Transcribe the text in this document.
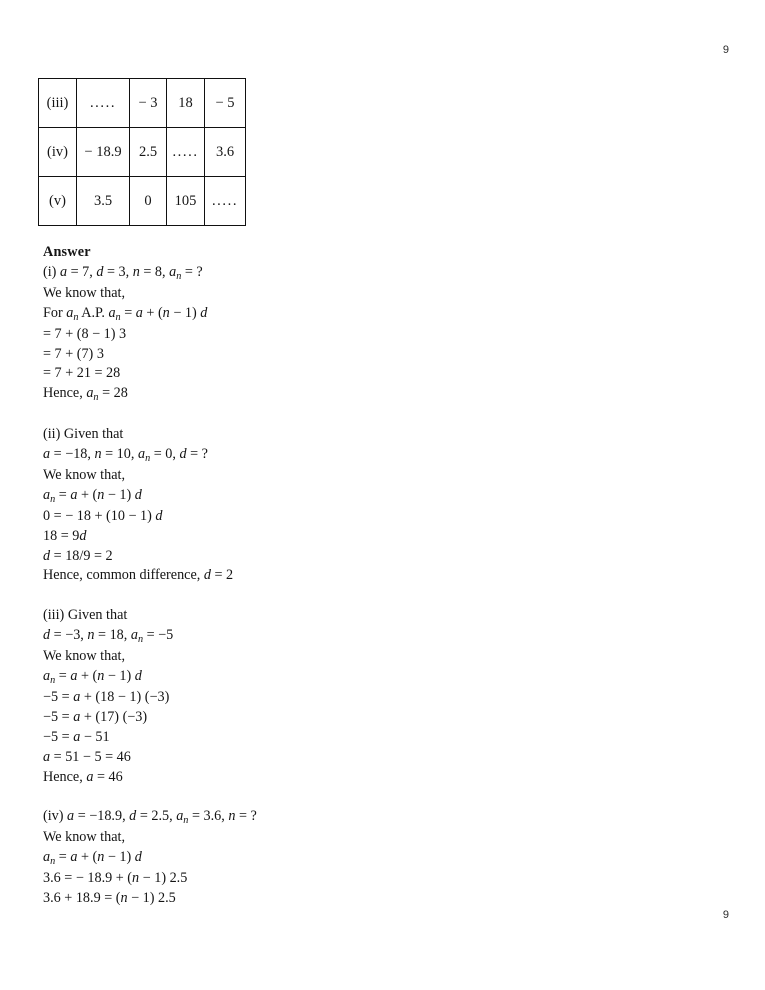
9
(iii)	.....	− 3	18	− 5
(iv)	− 18.9	2.5	.....	3.6
(v)	3.5	0	105	.....
Answer
(i) a = 7, d = 3, n = 8, $a_n$ = ?
We know that,
For $a_n$ A.P. $a_n = a + (n - 1)$ d
= 7 + (8 − 1) 3
= 7 + (7) 3
= 7 + 21 = 28
Hence, $a_n = 28$
(ii) Given that
a = −18, n = 10, $a_n = 0$, d = ?
We know that,
$a_n = a + (n - 1)$ d
0 = − 18 + (10 − 1) d
18 = 9d
d = 18/9 = 2
Hence, common difference, d = 2
(iii) Given that
d = −3, n = 18, $a_n = -5$
We know that,
$a_n = a + (n - 1)$ d
−5 = a + (18 − 1) (−3)
−5 = a + (17) (−3)
−5 = a − 51
a = 51 − 5 = 46
Hence, a = 46
(iv) a = −18.9, d = 2.5, $a_n = 3.6$, n = ?
We know that,
$a_n = a + (n - 1)$ d
3.6 = − 18.9 + (n − 1) 2.5
3.6 + 18.9 = (n − 1) 2.5
9
